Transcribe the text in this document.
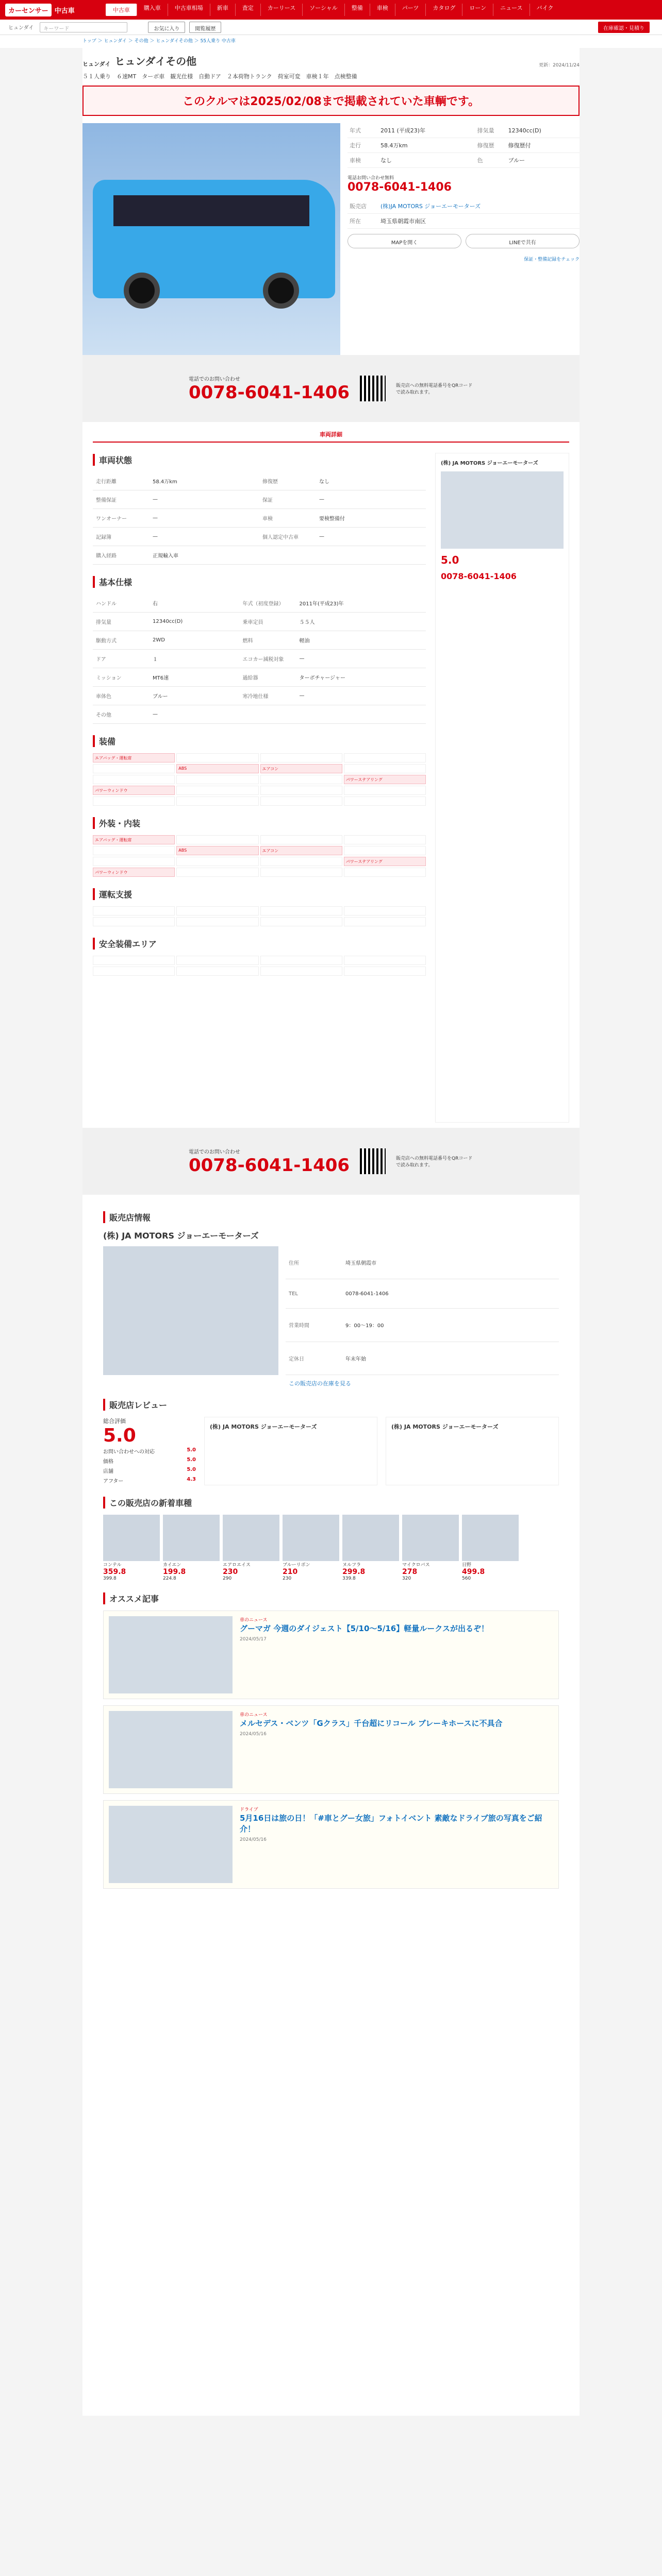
カーセンサー 中古車	中古車	購入車	中古車相場	新車	査定	カーリース	ソーシャル	整備	車検	パーツ	カタログ	ローン	ニュース	バイク
ヒュンダイ	キーワード	お気に入り	閲覧履歴	在庫確認・見積り
トップ ＞ ヒュンダイ ＞ その他 ＞ ヒュンダイその他 ＞ 55人乗り 中古車
ヒュンダイ ヒュンダイその他	更新：2024/11/24
５１人乗り　６速MT　ターボ車　観光仕様　自動ドア　２本荷物トランク　荷室可変　車検１年　点検整備
このクルマは2025/02/08まで掲載されていた車輌です。
年式	2011 (平成23)年	排気量	12340cc(D)
走行	58.4万km	修復歴	修復歴付
車検	なし	色	ブルー
電話お問い合わせ無料
0078-6041-1406
販売店	(株)JA MOTORS ジョーエーモーターズ
所在	埼玉県朝霞市南区
MAPを開く	LINEで共有
保証・整備記録をチェック
電話でのお問い合わせ
0078-6041-1406	販売店への無料電話番号をQRコードで読み取れます。
車両詳細
車両状態
走行距離	58.4万km	修復歴	なし
整備保証	—	保証	—
ワンオーナー	—	車検	要検整備付
記録簿	—	個人認定中古車	—
購入経路	正規輸入車		
基本仕様
ハンドル	右	年式（初度登録）	2011年(平成23)年
排気量	12340cc(D)	乗車定員	５５人
駆動方式	2WD	燃料	軽油
ドア	１	エコカー減税対象	—
ミッション	MT6速	過給器	ターボチャージャー
車体色	ブルー	寒冷地仕様	—
その他	—		
装備
エアバッグ・運転席
ABS	エアコン
パワーステアリング
パワーウィンドウ
外装・内装
エアバッグ・運転席
ABS	エアコン
パワーステアリング
パワーウィンドウ
運転支援
安全装備エリア
(株) JA MOTORS ジョーエーモーターズ
5.0
0078-6041-1406
電話でのお問い合わせ
0078-6041-1406	販売店への無料電話番号をQRコードで読み取れます。
販売店情報
(株) JA MOTORS ジョーエーモーターズ
住所	埼玉県朝霞市
TEL	0078-6041-1406
営業時間	9：00〜19：00
定休日	年末年始
この販売店の在庫を見る
販売店レビュー
総合評価
5.0
お問い合わせへの対応	5.0
価格	5.0
店舗	5.0
アフター	4.3
(株) JA MOTORS ジョーエーモーターズ	(株) JA MOTORS ジョーエーモーターズ
この販売店の新着車種
コンテル
359.8
399.8
カイエン
199.8
224.8
エアロエイス
230
290
ブルーリボン
210
230
ヌルフラ
299.8
339.8
マイクロバス
278
320
日野
499.8
560
オススメ記事
車のニュース
グーマガ 今週のダイジェスト【5/10〜5/16】軽量ルークスが出るぞ！
2024/05/17
車のニュース
メルセデス・ベンツ「Gクラス」千台超にリコール ブレーキホースに不具合
2024/05/16
ドライブ
5月16日は旅の日！「#車とグー女旅」フォトイベント 素敵なドライブ旅の写真をご紹介！
2024/05/16
